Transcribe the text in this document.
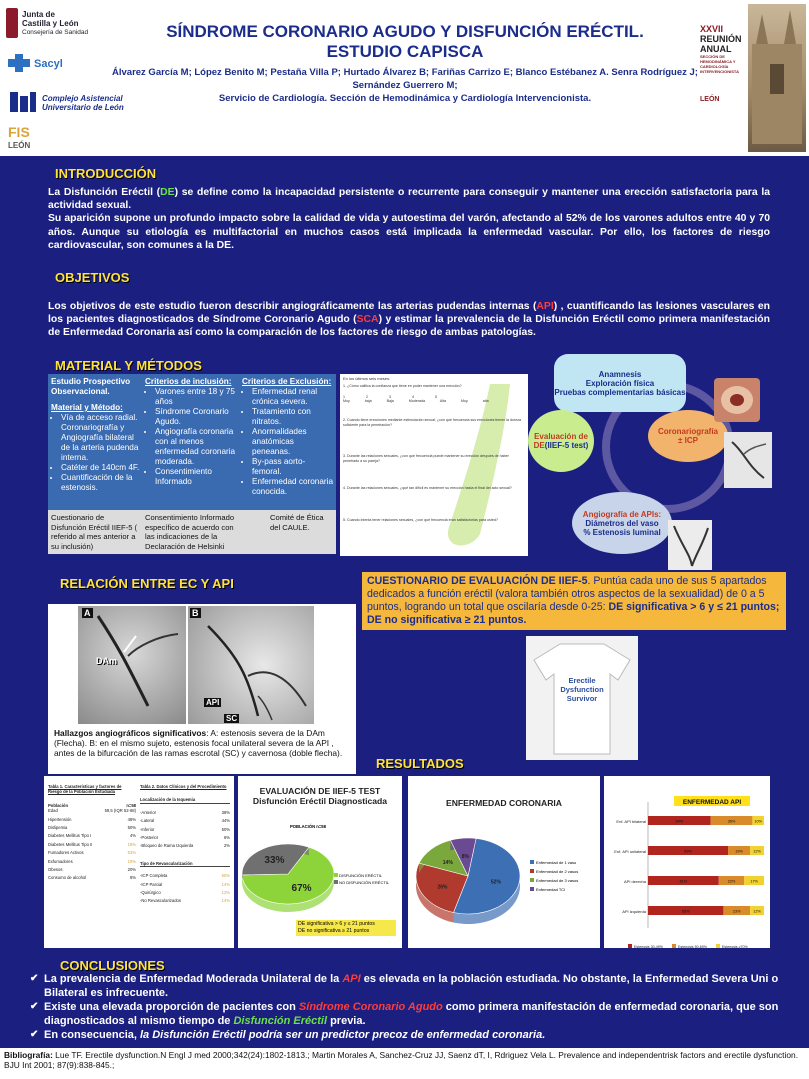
Junta de
Castilla y León
Consejería de Sanidad
Sacyl
Complejo Asistencial
Universitario de León
FIS
LEÓN
SÍNDROME CORONARIO AGUDO Y DISFUNCIÓN ERÉCTIL.
ESTUDIO CAPISCA
Álvarez García M; López Benito M; Pestaña Villa P; Hurtado Álvarez B; Fariñas Carrizo E; Blanco Estébanez A. Senra Rodríguez J; Sernández Guerrero M;
Servicio de Cardiología. Sección de Hemodinámica y Cardiología Intervencionista.
XXVII
REUNIÓN
ANUAL
SECCIÓN DE HEMODINÁMICA Y CARDIOLOGÍA INTERVENCIONISTA
LEÓN
INTRODUCCIÓN
La Disfunción Eréctil (DE) se define como la incapacidad persistente o recurrente para conseguir y mantener una erección satisfactoria para la actividad sexual.
Su aparición supone un profundo impacto sobre la calidad de vida y autoestima del varón, afectando al 52% de los varones adultos entre 40 y 70 años. Aunque su etiología es multifactorial en muchos casos está implicada la enfermedad vascular. Por ello, los factores de riesgo cardiovascular, son comunes a la DE.
OBJETIVOS
Los objetivos de este estudio fueron describir angiográficamente las arterias pudendas internas (API) , cuantificando las lesiones vasculares en los pacientes diagnosticados de Síndrome Coronario Agudo (SCA) y estimar la prevalencia de la Disfunción Eréctil como primera manifestación de Enfermedad Coronaria así como la comparación de los factores de riesgo de ambas patologías.
MATERIAL Y MÉTODOS
Estudio Prospectivo Observacional.
Material y Método:
• Vía de acceso radial. Coronariografía y Angiografía bilateral de la arteria pudenda interna.
• Catéter de 140cm 4F.
• Cuantificación de la estenosis.
Criterios de inclusión:
• Varones entre 18 y 75 años
• Síndrome Coronario Agudo.
• Angiografía coronaria con al menos enfermedad coronaria moderada.
• Consentimiento Informado
Criterios de Exclusión:
• Enfermedad renal crónica severa.
• Tratamiento con nitratos.
• Anormalidades anatómicas peneanas.
• By-pass aorto-femoral.
• Enfermedad coronaria conocida.
Cuestionario de Disfunción Eréctil IIEF-5 ( referido al mes anterior a su inclusión)
Consentimiento Informado específico de acuerdo con las indicaciones de la Declaración de Helsinki
Comité de Ética del CAULE.
En los últimos seis meses:
1. ¿Cómo califica la confianza que tiene en poder mantener una erección?
1	2	3	4	5
Muy baja	Baja	Moderada	Alta	Muy alta
2. Cuando tiene erecciones mediante estimulación sexual, ¿con qué frecuencia sus erecciones tienen la dureza suficiente para la penetración?
3. Durante las relaciones sexuales, ¿con qué frecuencia puede mantener su erección después de haber penetrado a su pareja?
4. Durante las relaciones sexuales, ¿qué tan difícil es mantener su erección hasta el final del acto sexual?
5. Cuando intenta tener relaciones sexuales, ¿con qué frecuencia eran satisfactorias para usted?
Anamnesis
Exploración física
Pruebas complementarias básicas
Evaluación de
DE(IIEF-5 test)
Coronariografía
± ICP
Angiografía de APIs:
Diámetros del vaso
% Estenosis luminal
RELACIÓN ENTRE EC Y API
A
DAm
B
API
SC
Hallazgos angiográficos significativos: A: estenosis severa de la DAm (Flecha). B: en el mismo sujeto, estenosis focal unilateral severa de la API , antes de la bifurcación de las ramas escrotal (SC) y cavernosa (doble flecha).
CUESTIONARIO DE EVALUACIÓN DE IIEF-5. Puntúa cada uno de sus 5 apartados dedicados a función eréctil (valora también otros aspectos de la sexualidad) de 0 a 5 puntos, logrando un total que oscilaría desde 0-25: DE significativa > 6 y ≤ 21 puntos; DE no significativa ≥ 21 puntos.
Erectile
Dysfunction
Survivor
RESULTADOS
Tabla 1. Características y factores de Riesgo de la Población Estudiada
Población	n=58
Edad	59,5 (IQR 52-68)
Hipertensión	48%
Dislipemia	50%
Diabetes Mellitus Tipo I	4%
Diabetes Mellitus Tipo II	18%
Fumadores Activos	53%
Exfumadores	19%
Obesos	20%
Consumo de alcohol	8%
Tabla 2. Datos Clínicos y del Procedimiento
Localización de la Isquemia
-Anterior	38%
-Lateral	44%
-Inferior	50%
-Posterior	6%
-Bloqueo de Rama Izquierda	2%
Tipo de Revascularización
-ICP Completa	60%
-ICP Parcial	14%
-Quirúrgico	12%
-No Revascularizados	14%
EVALUACIÓN DE IIEF-5 TEST
Disfunción Eréctil Diagnosticada
POBLACIÓN n=58
67%
33%
DISFUNCIÓN ERÉCTIL
NO DISFUNCIÓN ERÉCTIL
DE significativa > 6 y ≤ 21 puntos
DE no significativa ≥ 21 puntos
ENFERMEDAD CORONARIA
52%
26%
14%
8%
Enfermedad de 1 vaso
Enfermedad de 2 vasos
Enfermedad de 3 vasos
Enfermedad TCI
ENFERMEDAD API
Enf. API bilateral	54%	36%	10%
Enf. API unilateral	69%	19%	12%
API derecha	61%	22%	17%
API izquierda	65%	23%	12%
Estenosis 30-49%	Estenosis 50-69%	Estenosis ≥70%
CONCLUSIONES
✔ La prevalencia de Enfermedad Moderada Unilateral de la API es elevada en la población estudiada. No obstante, la Enfermedad Severa Uni o Bilateral es infrecuente.
✔ Existe una elevada proporción de pacientes con Síndrome Coronario Agudo como primera manifestación de enfermedad coronaria, que son diagnosticados al mismo tiempo de Disfunción Eréctil previa.
✔ En consecuencia, la Disfunción Eréctil podría ser un predictor precoz de enfermedad coronaria.
Bibliografía: Lue TF. Erectile dysfunction.N Engl J med 2000;342(24):1802-1813.; Martin Morales A, Sanchez-Cruz JJ, Saenz dT, I, Rdriguez Vela L. Prevalence and independentrisk factors and erectile dysfunction. BJU Int 2001; 87(9):838-845.;
